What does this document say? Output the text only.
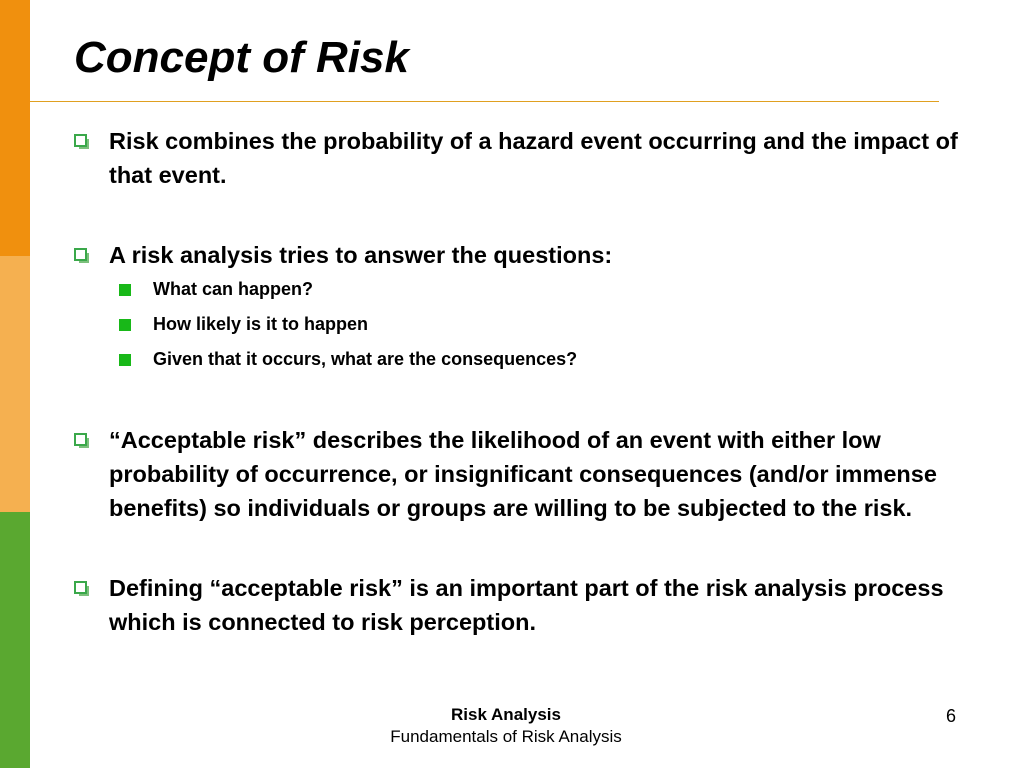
Concept of Risk
Risk combines the probability of a hazard event occurring and the impact of that event.
A risk analysis tries to answer the questions:
What can happen?
How likely is it to happen
Given that it occurs, what are the consequences?
“Acceptable risk” describes the likelihood of an event with either low probability of occurrence, or insignificant consequences (and/or immense benefits) so individuals or groups are willing to be subjected to the risk.
Defining “acceptable risk” is an important part of the risk analysis process which is connected to risk perception.
Risk Analysis
Fundamentals of Risk Analysis
6
